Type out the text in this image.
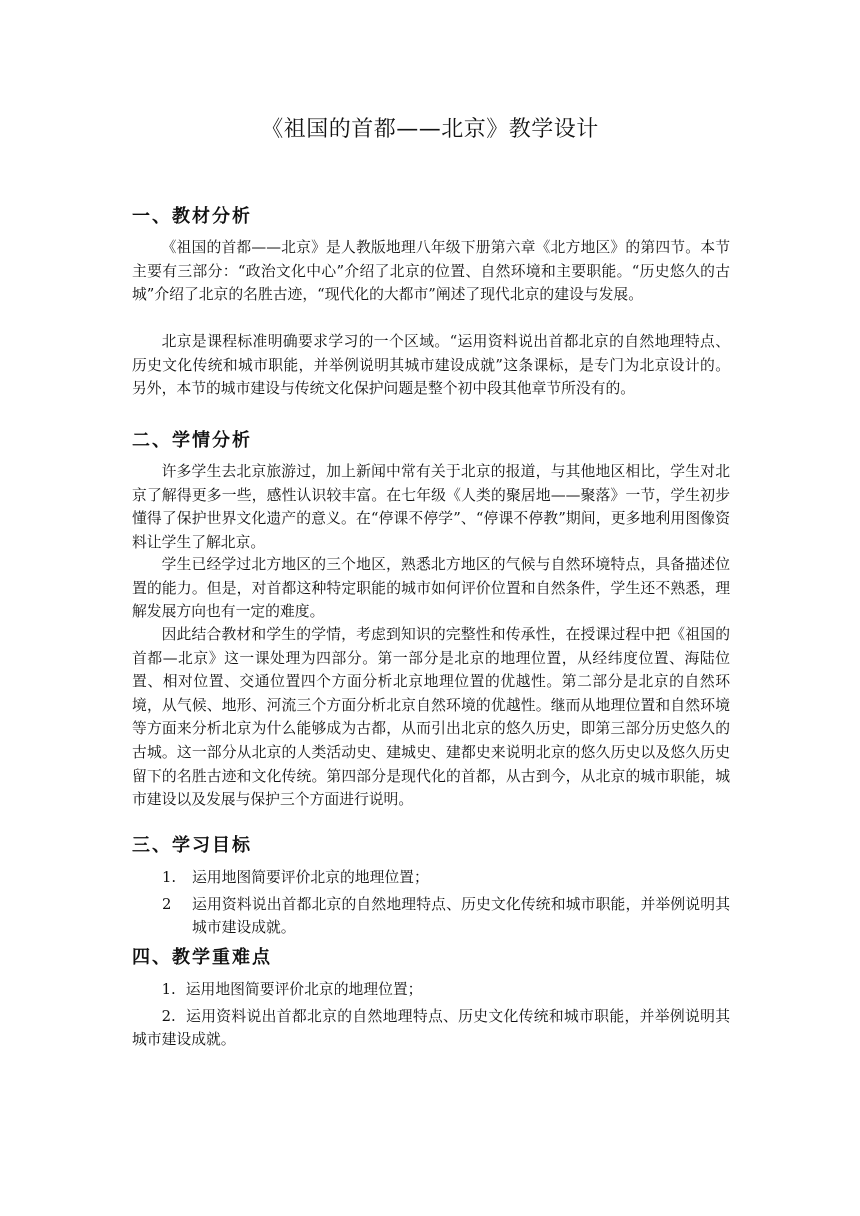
《祖国的首都——北京》教学设计
一、教材分析

《祖国的首都——北京》是人教版地理八年级下册第六章《北方地区》的第四节。本节主要有三部分：“政治文化中心”介绍了北京的位置、自然环境和主要职能。“历史悠久的古城”介绍了北京的名胜古迹，“现代化的大都市”阐述了现代北京的建设与发展。

北京是课程标准明确要求学习的一个区域。“运用资料说出首都北京的自然地理特点、历史文化传统和城市职能，并举例说明其城市建设成就”这条课标，是专门为北京设计的。另外，本节的城市建设与传统文化保护问题是整个初中段其他章节所没有的。

二、学情分析

许多学生去北京旅游过，加上新闻中常有关于北京的报道，与其他地区相比，学生对北京了解得更多一些，感性认识较丰富。在七年级《人类的聚居地——聚落》一节，学生初步懂得了保护世界文化遗产的意义。在“停课不停学”、“停课不停教”期间，更多地利用图像资料让学生了解北京。

学生已经学过北方地区的三个地区，熟悉北方地区的气候与自然环境特点，具备描述位置的能力。但是，对首都这种特定职能的城市如何评价位置和自然条件，学生还不熟悉，理解发展方向也有一定的难度。

因此结合教材和学生的学情，考虑到知识的完整性和传承性，在授课过程中把《祖国的首都—北京》这一课处理为四部分。第一部分是北京的地理位置，从经纬度位置、海陆位置、相对位置、交通位置四个方面分析北京地理位置的优越性。第二部分是北京的自然环境，从气候、地形、河流三个方面分析北京自然环境的优越性。继而从地理位置和自然环境等方面来分析北京为什么能够成为古都，从而引出北京的悠久历史，即第三部分历史悠久的古城。这一部分从北京的人类活动史、建城史、建都史来说明北京的悠久历史以及悠久历史留下的名胜古迹和文化传统。第四部分是现代化的首都，从古到今，从北京的城市职能，城市建设以及发展与保护三个方面进行说明。

三、学习目标
1.	运用地图简要评价北京的地理位置；
2	运用资料说出首都北京的自然地理特点、历史文化传统和城市职能，并举例说明其城市建设成就。
四、教学重难点
1. 运用地图简要评价北京的地理位置；
2. 运用资料说出首都北京的自然地理特点、历史文化传统和城市职能，并举例说明其城市建设成就。
